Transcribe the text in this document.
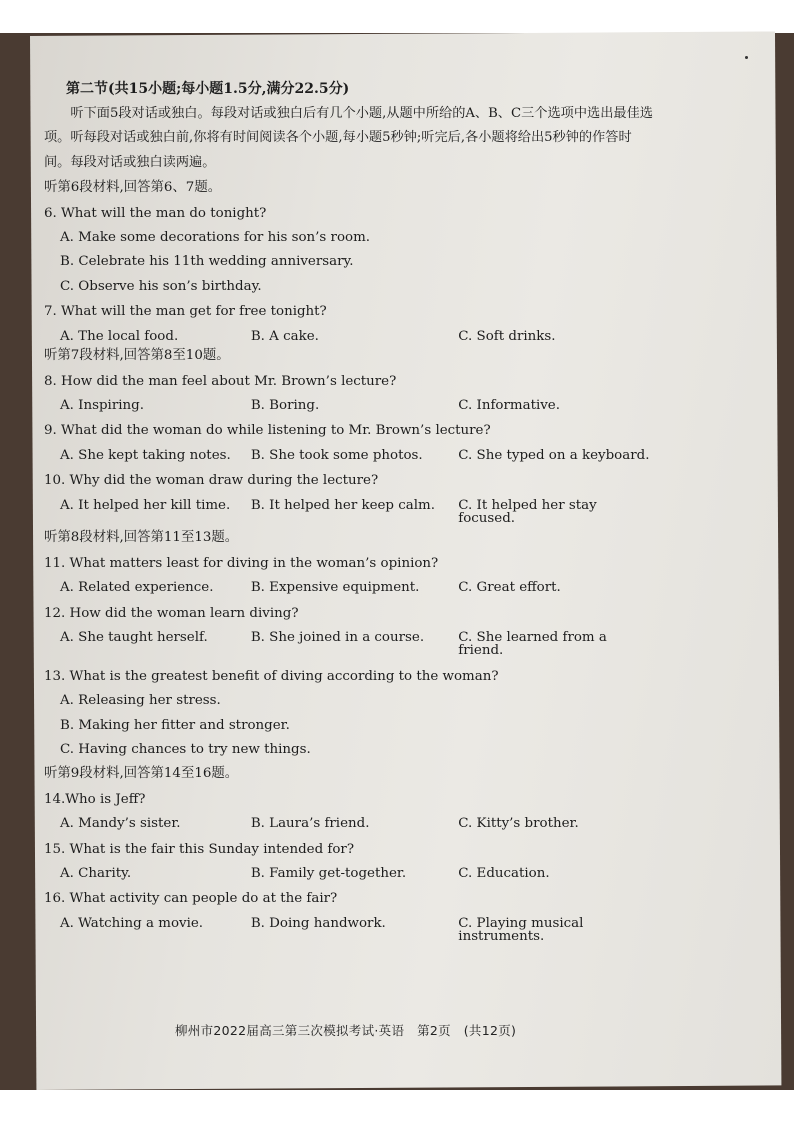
第二节(共15小题;每小题1.5分,满分22.5分)

听下面5段对话或独白。每段对话或独白后有几个小题,从题中所给的A、B、C三个选项中选出最佳选项。听每段对话或独白前,你将有时间阅读各个小题,每小题5秒钟;听完后,各小题将给出5秒钟的作答时间。每段对话或独白读两遍。

听第6段材料,回答第6、7题。
6. What will the man do tonight?
A. Make some decorations for his son’s room.
B. Celebrate his 11th wedding anniversary.
C. Observe his son’s birthday.
7. What will the man get for free tonight?
A. The local food.	B. A cake.	C. Soft drinks.
听第7段材料,回答第8至10题。
8. How did the man feel about Mr. Brown’s lecture?
A. Inspiring.	B. Boring.	C. Informative.
9. What did the woman do while listening to Mr. Brown’s lecture?
A. She kept taking notes.	B. She took some photos.	C. She typed on a keyboard.
10. Why did the woman draw during the lecture?
A. It helped her kill time.	B. It helped her keep calm.	C. It helped her stay focused.
听第8段材料,回答第11至13题。
11. What matters least for diving in the woman’s opinion?
A. Related experience.	B. Expensive equipment.	C. Great effort.
12. How did the woman learn diving?
A. She taught herself.	B. She joined in a course.	C. She learned from a friend.
13. What is the greatest benefit of diving according to the woman?
A. Releasing her stress.
B. Making her fitter and stronger.
C. Having chances to try new things.
听第9段材料,回答第14至16题。
14.Who is Jeff?
A. Mandy’s sister.	B. Laura’s friend.	C. Kitty’s brother.
15. What is the fair this Sunday intended for?
A. Charity.	B. Family get-together.	C. Education.
16. What activity can people do at the fair?
A. Watching a movie.	B. Doing handwork.	C. Playing musical instruments.
柳州市2022届高三第三次模拟考试·英语　第2页　(共12页)
